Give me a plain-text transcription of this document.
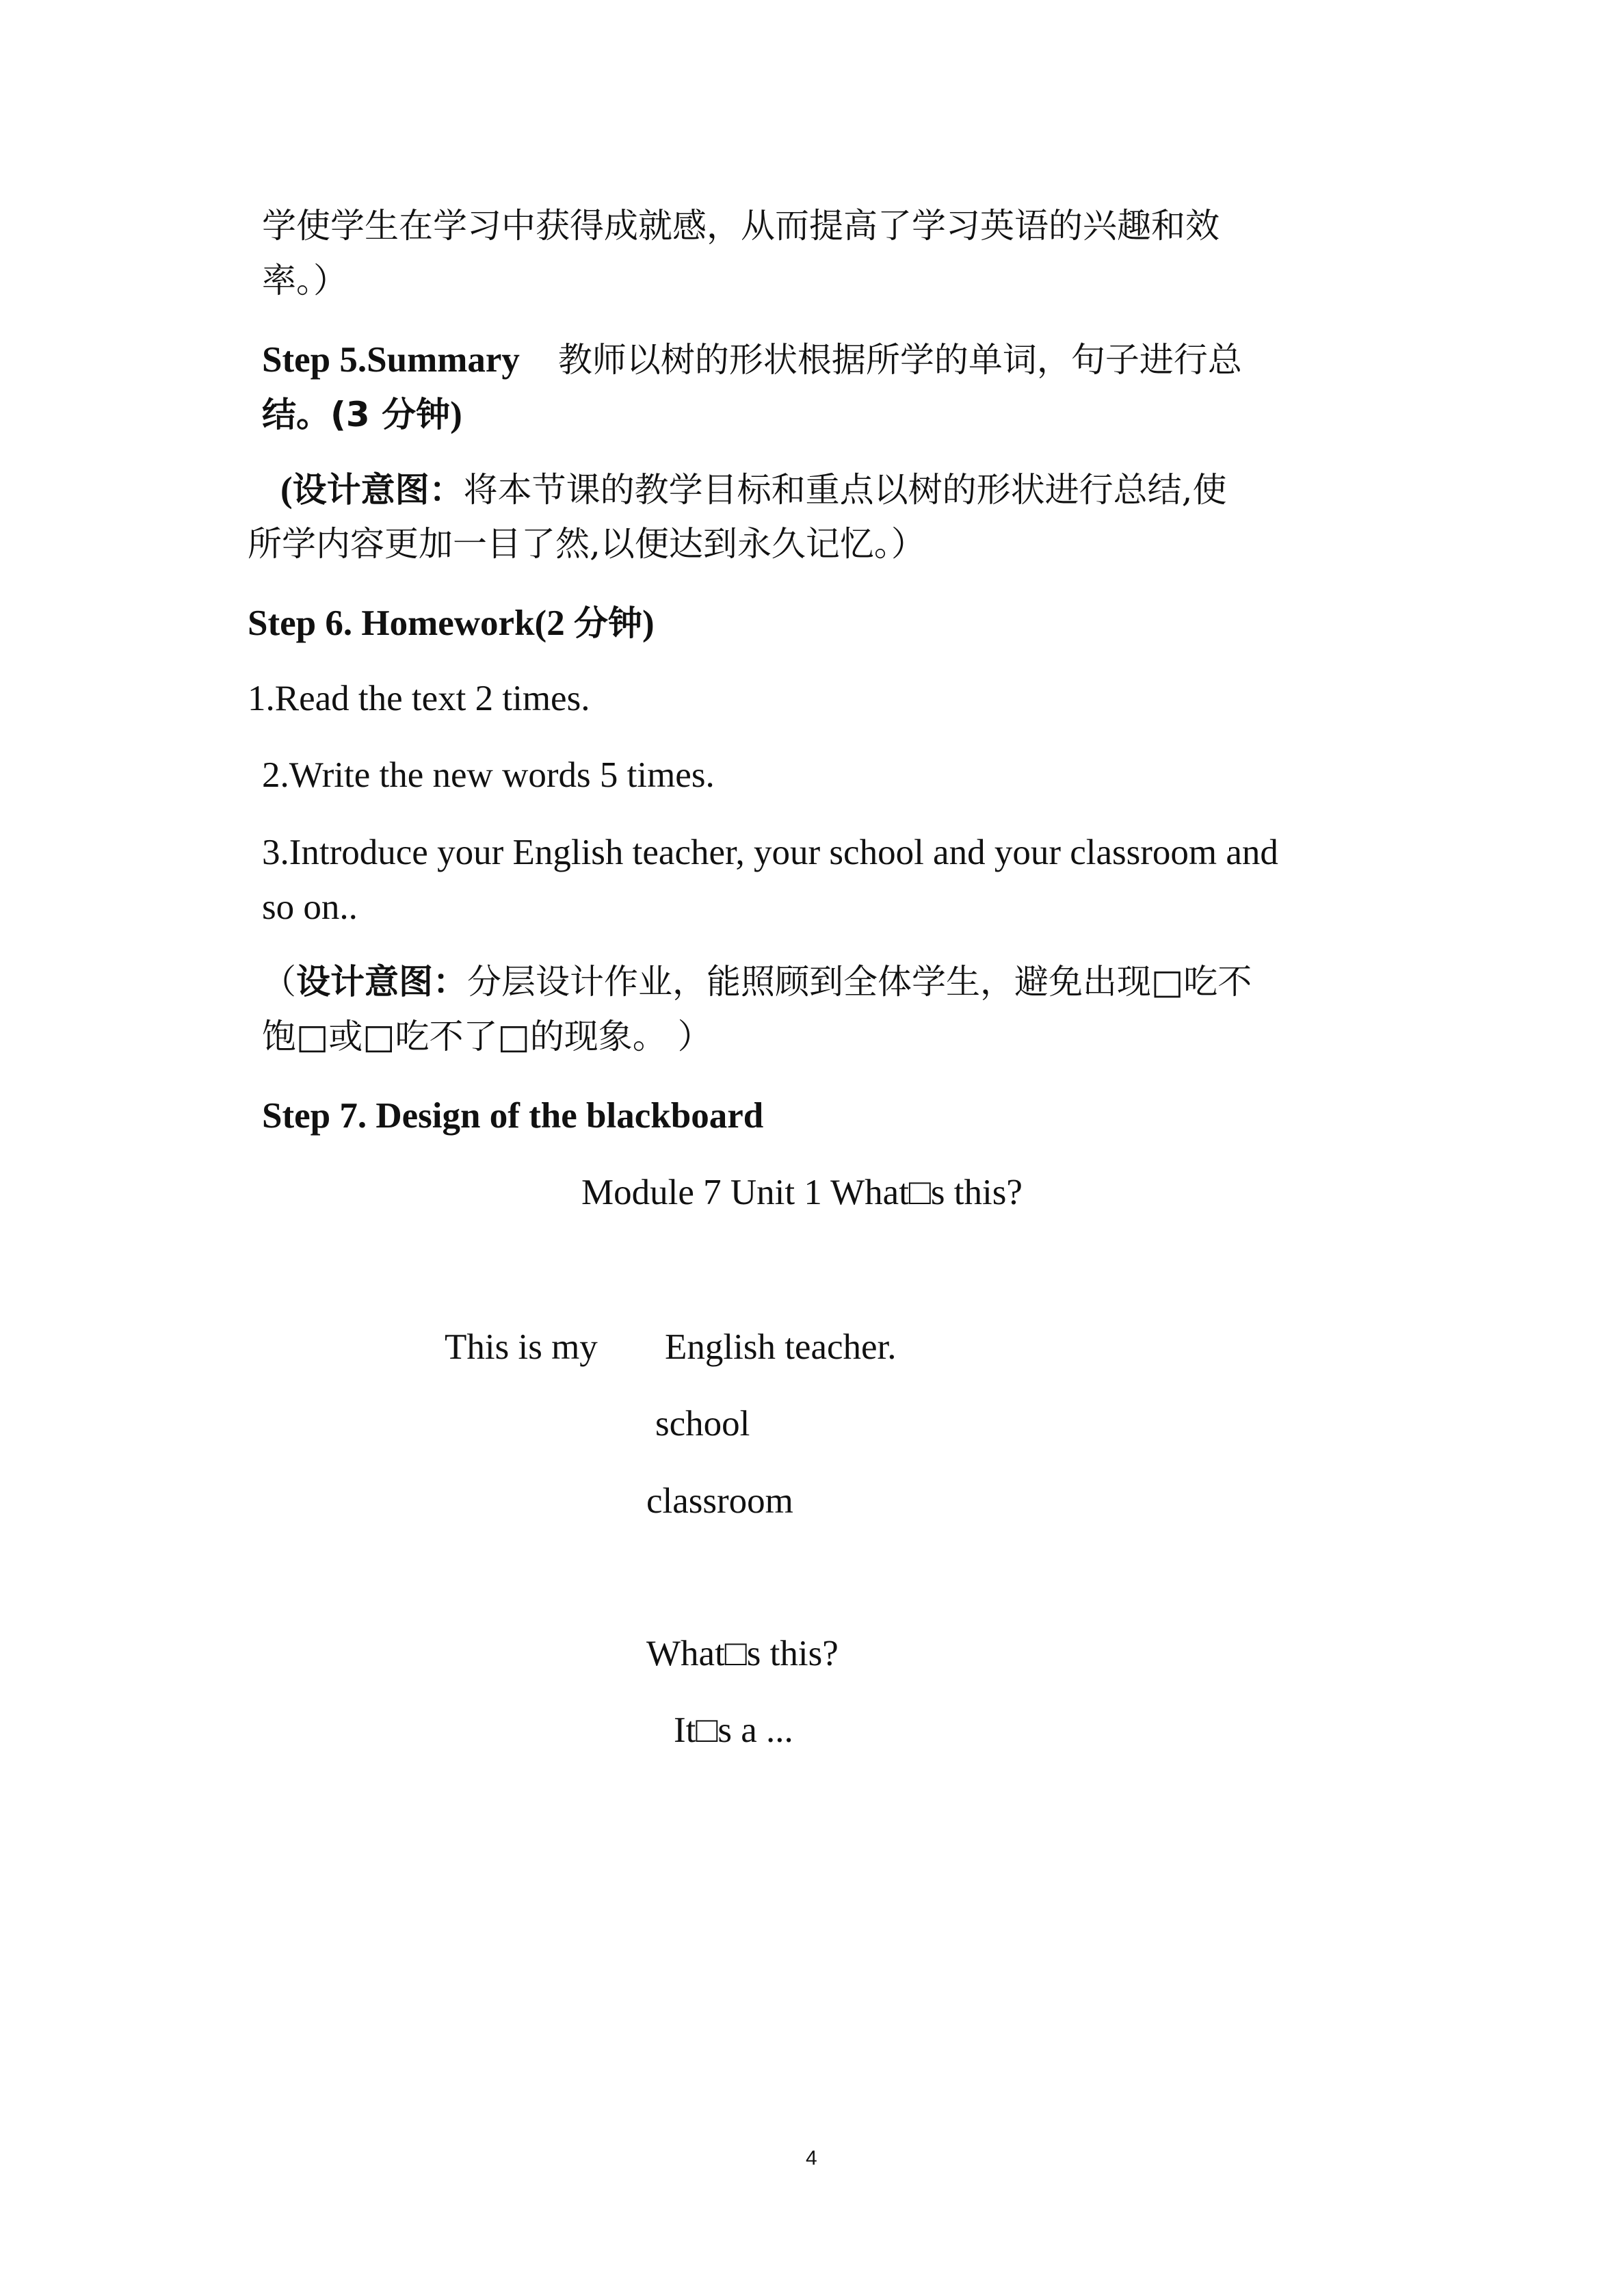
学使学生在学习中获得成就感，从而提高了学习英语的兴趣和效
率。）
Step 5.Summary 教师以树的形状根据所学的单词，句子进行总
结。(3 分钟)
(设计意图：将本节课的教学目标和重点以树的形状进行总结,使
所学内容更加一目了然,以便达到永久记忆。）
Step 6. Homework(2 分钟)
1.Read the text 2 times.
2.Write the new words 5 times.
3.Introduce your English teacher, your school and your classroom and
so on..
（设计意图：分层设计作业，能照顾到全体学生，避免出现□吃不
饱□或□吃不了□的现象。 ）
Step 7. Design of the blackboard
Module 7 Unit 1 What□s this?
This is my English teacher.
school
classroom
What□s this?
It□s a ...
4
